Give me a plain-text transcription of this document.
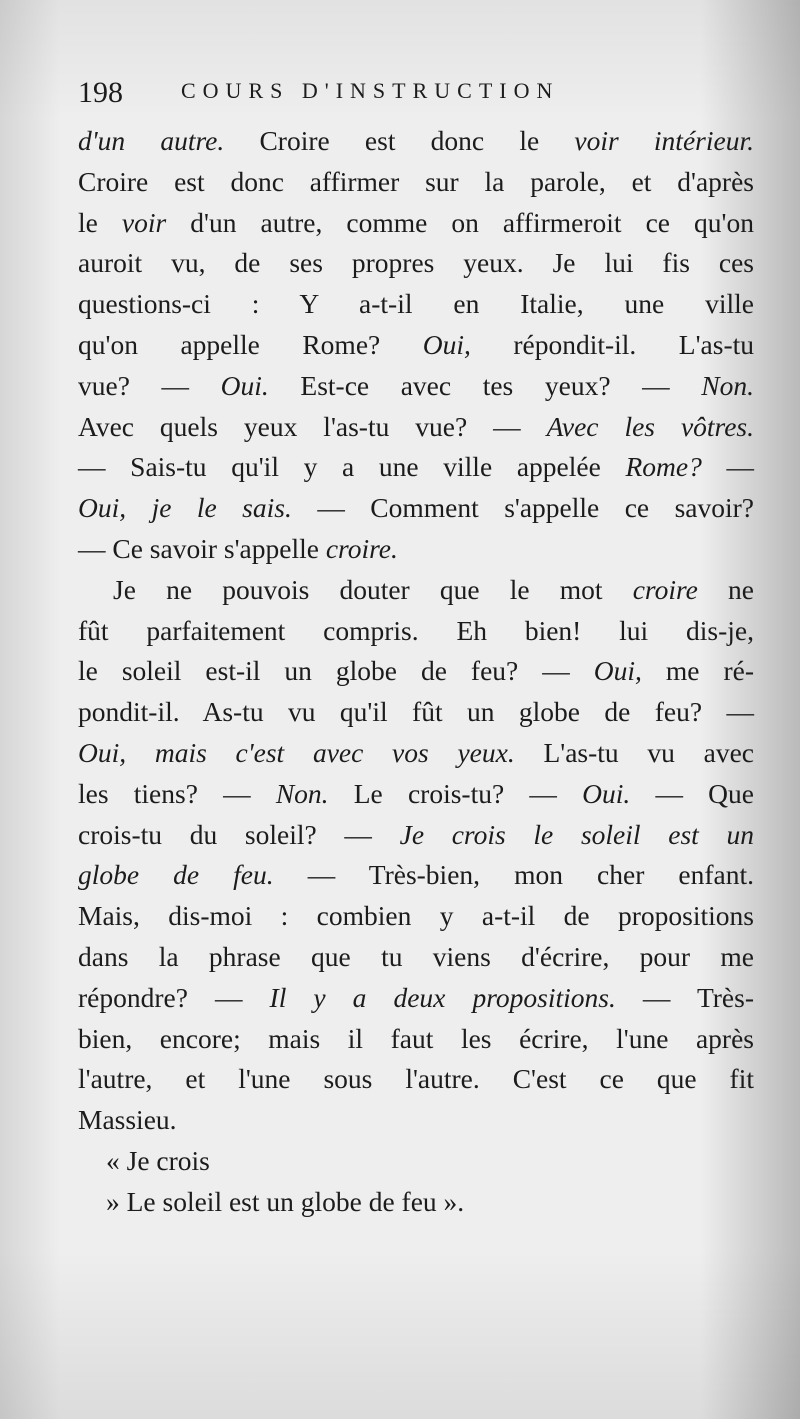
198	COURS D'INSTRUCTION
d'un autre. Croire est donc le voir intérieur.
Croire est donc affirmer sur la parole, et d'après
le voir d'un autre, comme on affirmeroit ce qu'on
auroit vu, de ses propres yeux. Je lui fis ces
questions-ci : Y a-t-il en Italie, une ville
qu'on appelle Rome? Oui, répondit-il. L'as-tu
vue? — Oui. Est-ce avec tes yeux? — Non.
Avec quels yeux l'as-tu vue? — Avec les vôtres.
— Sais-tu qu'il y a une ville appelée Rome? —
Oui, je le sais. — Comment s'appelle ce savoir?
— Ce savoir s'appelle croire.
Je ne pouvois douter que le mot croire ne
fût parfaitement compris. Eh bien! lui dis-je,
le soleil est-il un globe de feu? — Oui, me ré-
pondit-il. As-tu vu qu'il fût un globe de feu? —
Oui, mais c'est avec vos yeux. L'as-tu vu avec
les tiens? — Non. Le crois-tu? — Oui. — Que
crois-tu du soleil? — Je crois le soleil est un
globe de feu. — Très-bien, mon cher enfant.
Mais, dis-moi : combien y a-t-il de propositions
dans la phrase que tu viens d'écrire, pour me
répondre? — Il y a deux propositions. — Très-
bien, encore; mais il faut les écrire, l'une après
l'autre, et l'une sous l'autre. C'est ce que fit
Massieu.
« Je crois
» Le soleil est un globe de feu ».
